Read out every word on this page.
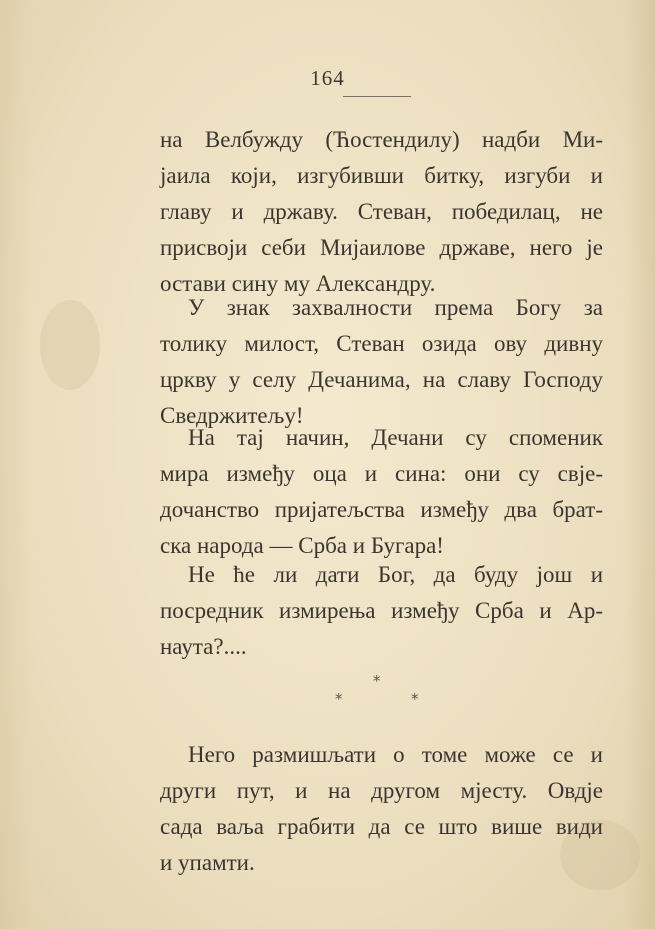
164
на Велбужду (Ћостендилу) надби Ми-
јаила који, изгубивши битку, изгуби и
главу и државу. Стеван, победилац, не
присвоји себи Мијаилове државе, него је
остави сину му Александру.
У знак захвалности према Богу за
толику милост, Стеван озида ову дивну
цркву у селу Дечанима, на славу Господу
Сведржитељу!
На тај начин, Дечани су споменик
мира између оца и сина: они су свје-
дочанство пријатељства између два брат-
ска народа — Срба и Бугара!
Не ће ли дати Бог, да буду још и
посредник измирења између Срба и Ар-
наута?....
*
*	*
Него размишљати о томе може се и
други пут, и на другом мјесту. Овдје
сада ваља грабити да се што више види
и упамти.
